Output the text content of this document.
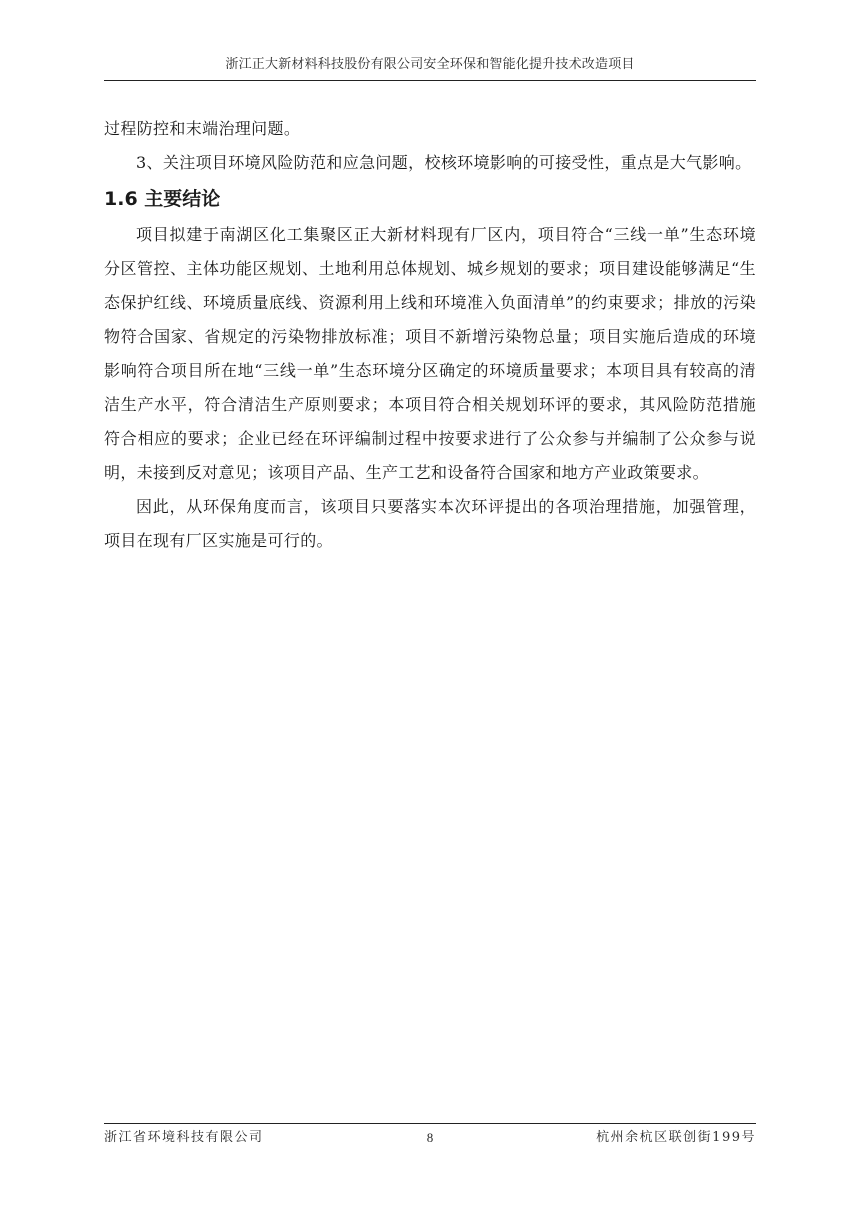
浙江正大新材料科技股份有限公司安全环保和智能化提升技术改造项目

过程防控和末端治理问题。

3、关注项目环境风险防范和应急问题，校核环境影响的可接受性，重点是大气影响。

1.6 主要结论

项目拟建于南湖区化工集聚区正大新材料现有厂区内，项目符合“三线一单”生态环境分区管控、主体功能区规划、土地利用总体规划、城乡规划的要求；项目建设能够满足“生态保护红线、环境质量底线、资源利用上线和环境准入负面清单”的约束要求；排放的污染物符合国家、省规定的污染物排放标准；项目不新增污染物总量；项目实施后造成的环境影响符合项目所在地“三线一单”生态环境分区确定的环境质量要求；本项目具有较高的清洁生产水平，符合清洁生产原则要求；本项目符合相关规划环评的要求，其风险防范措施符合相应的要求；企业已经在环评编制过程中按要求进行了公众参与并编制了公众参与说明，未接到反对意见；该项目产品、生产工艺和设备符合国家和地方产业政策要求。

因此，从环保角度而言，该项目只要落实本次环评提出的各项治理措施，加强管理，项目在现有厂区实施是可行的。

浙江省环境科技有限公司	8	杭州余杭区联创街199号
